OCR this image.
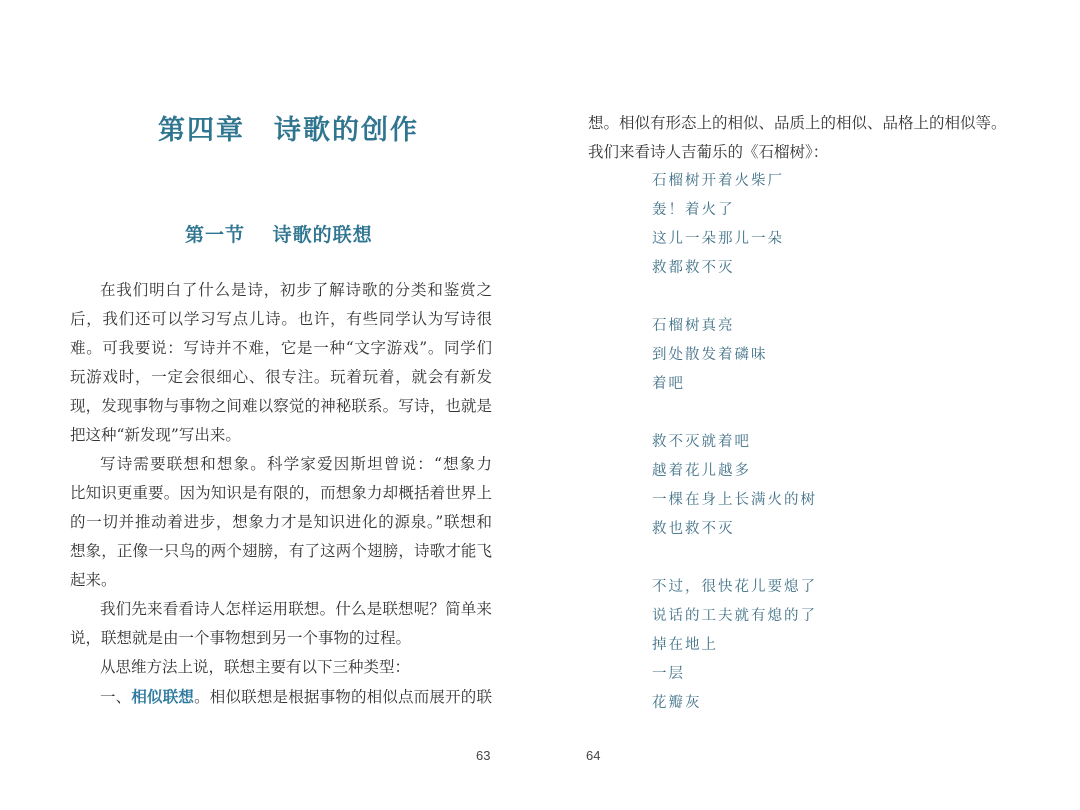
第四章　诗歌的创作
第一节　 诗歌的联想
在我们明白了什么是诗，初步了解诗歌的分类和鉴赏之
后，我们还可以学习写点儿诗。也许，有些同学认为写诗很
难。可我要说：写诗并不难，它是一种“文字游戏”。同学们
玩游戏时，一定会很细心、很专注。玩着玩着，就会有新发
现，发现事物与事物之间难以察觉的神秘联系。写诗，也就是
把这种“新发现”写出来。
写诗需要联想和想象。科学家爱因斯坦曾说：“想象力
比知识更重要。因为知识是有限的，而想象力却概括着世界上
的一切并推动着进步，想象力才是知识进化的源泉。”联想和
想象，正像一只鸟的两个翅膀，有了这两个翅膀，诗歌才能飞
起来。
我们先来看看诗人怎样运用联想。什么是联想呢？简单来
说，联想就是由一个事物想到另一个事物的过程。
从思维方法上说，联想主要有以下三种类型：
一、相似联想。相似联想是根据事物的相似点而展开的联
63
想。相似有形态上的相似、品质上的相似、品格上的相似等。
我们来看诗人吉葡乐的《石榴树》：
石榴树开着火柴厂
轰！着火了
这儿一朵那儿一朵
救都救不灭
石榴树真亮
到处散发着磷味
着吧
救不灭就着吧
越着花儿越多
一棵在身上长满火的树
救也救不灭
不过，很快花儿要熄了
说话的工夫就有熄的了
掉在地上
一层
花瓣灰
64
